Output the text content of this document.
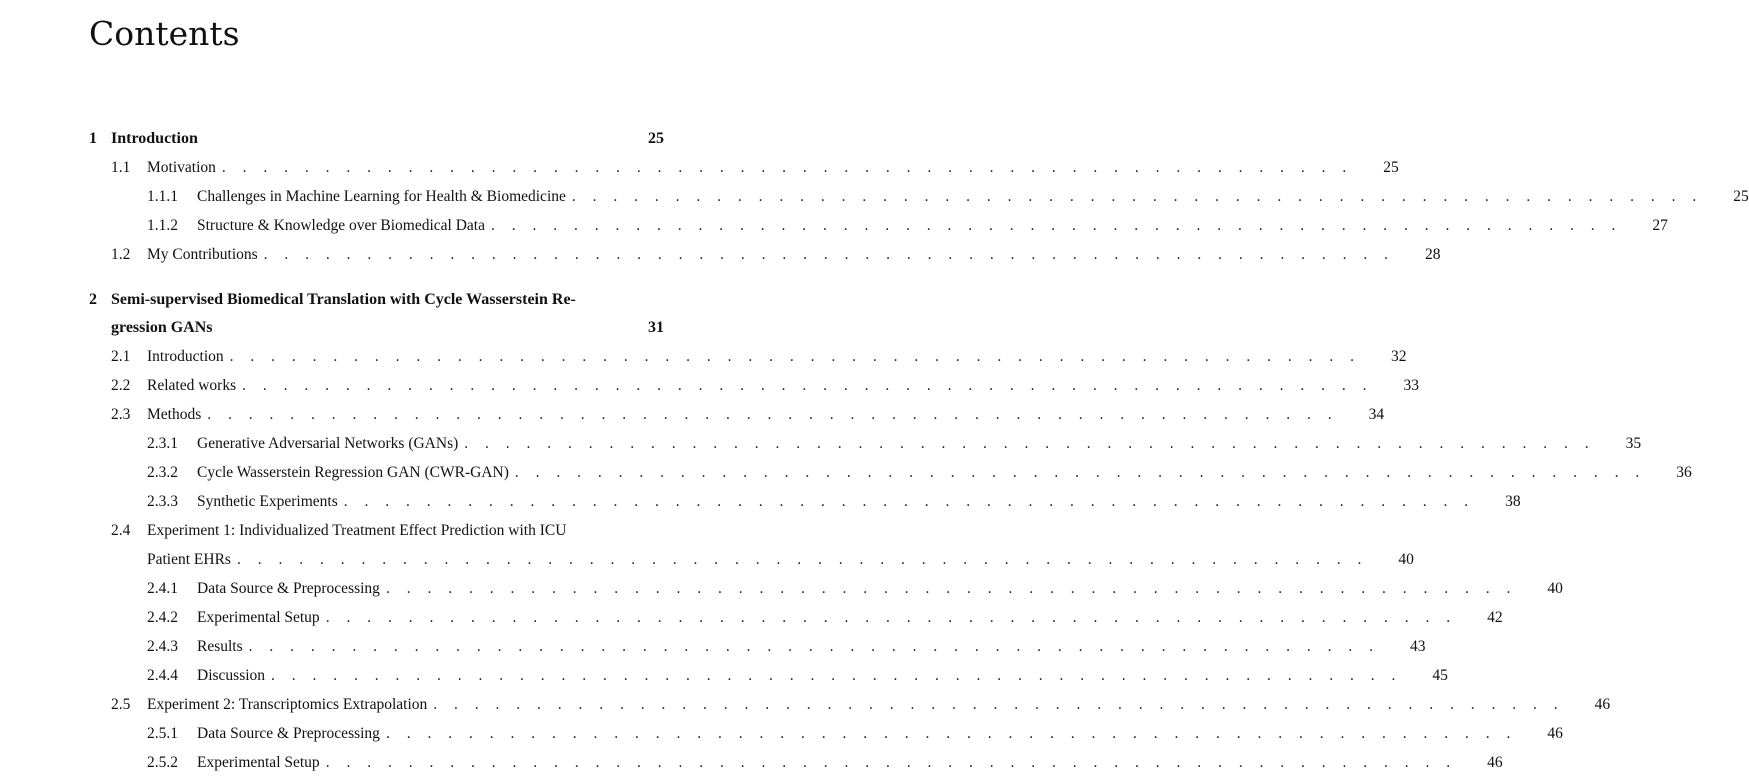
Contents
1 Introduction	25
1.1	Motivation . . . . . . . . . . . . . . . . . . . . . . . . . . . . . . . . . . . . . . . . . . . . . . . . . . . . . . .	25
1.1.1	Challenges in Machine Learning for Health & Biomedicine . . . . . . . . . . . . . . . . . . . . . . . . . . . . . . . . . . . . . . . . . . . . . . . . . . . . . . .	25
1.1.2	Structure & Knowledge over Biomedical Data . . . . . . . . . . . . . . . . . . . . . . . . . . . . . . . . . . . . . . . . . . . . . . . . . . . . . . .	27
1.2	My Contributions . . . . . . . . . . . . . . . . . . . . . . . . . . . . . . . . . . . . . . . . . . . . . . . . . . . . . . .	28
2 Semi-supervised Biomedical Translation with Cycle Wasserstein Re-
gression GANs	31
2.1	Introduction . . . . . . . . . . . . . . . . . . . . . . . . . . . . . . . . . . . . . . . . . . . . . . . . . . . . . . .	32
2.2	Related works . . . . . . . . . . . . . . . . . . . . . . . . . . . . . . . . . . . . . . . . . . . . . . . . . . . . . . .	33
2.3	Methods . . . . . . . . . . . . . . . . . . . . . . . . . . . . . . . . . . . . . . . . . . . . . . . . . . . . . . .	34
2.3.1	Generative Adversarial Networks (GANs) . . . . . . . . . . . . . . . . . . . . . . . . . . . . . . . . . . . . . . . . . . . . . . . . . . . . . . .	35
2.3.2	Cycle Wasserstein Regression GAN (CWR-GAN) . . . . . . . . . . . . . . . . . . . . . . . . . . . . . . . . . . . . . . . . . . . . . . . . . . . . . . .	36
2.3.3	Synthetic Experiments . . . . . . . . . . . . . . . . . . . . . . . . . . . . . . . . . . . . . . . . . . . . . . . . . . . . . . .	38
2.4	Experiment 1: Individualized Treatment Effect Prediction with ICU
Patient EHRs . . . . . . . . . . . . . . . . . . . . . . . . . . . . . . . . . . . . . . . . . . . . . . . . . . . . . . .	40
2.4.1	Data Source & Preprocessing . . . . . . . . . . . . . . . . . . . . . . . . . . . . . . . . . . . . . . . . . . . . . . . . . . . . . . .	40
2.4.2	Experimental Setup . . . . . . . . . . . . . . . . . . . . . . . . . . . . . . . . . . . . . . . . . . . . . . . . . . . . . . .	42
2.4.3	Results . . . . . . . . . . . . . . . . . . . . . . . . . . . . . . . . . . . . . . . . . . . . . . . . . . . . . . .	43
2.4.4	Discussion . . . . . . . . . . . . . . . . . . . . . . . . . . . . . . . . . . . . . . . . . . . . . . . . . . . . . . .	45
2.5	Experiment 2: Transcriptomics Extrapolation . . . . . . . . . . . . . . . . . . . . . . . . . . . . . . . . . . . . . . . . . . . . . . . . . . . . . . .	46
2.5.1	Data Source & Preprocessing . . . . . . . . . . . . . . . . . . . . . . . . . . . . . . . . . . . . . . . . . . . . . . . . . . . . . . .	46
2.5.2	Experimental Setup . . . . . . . . . . . . . . . . . . . . . . . . . . . . . . . . . . . . . . . . . . . . . . . . . . . . . . .	46
